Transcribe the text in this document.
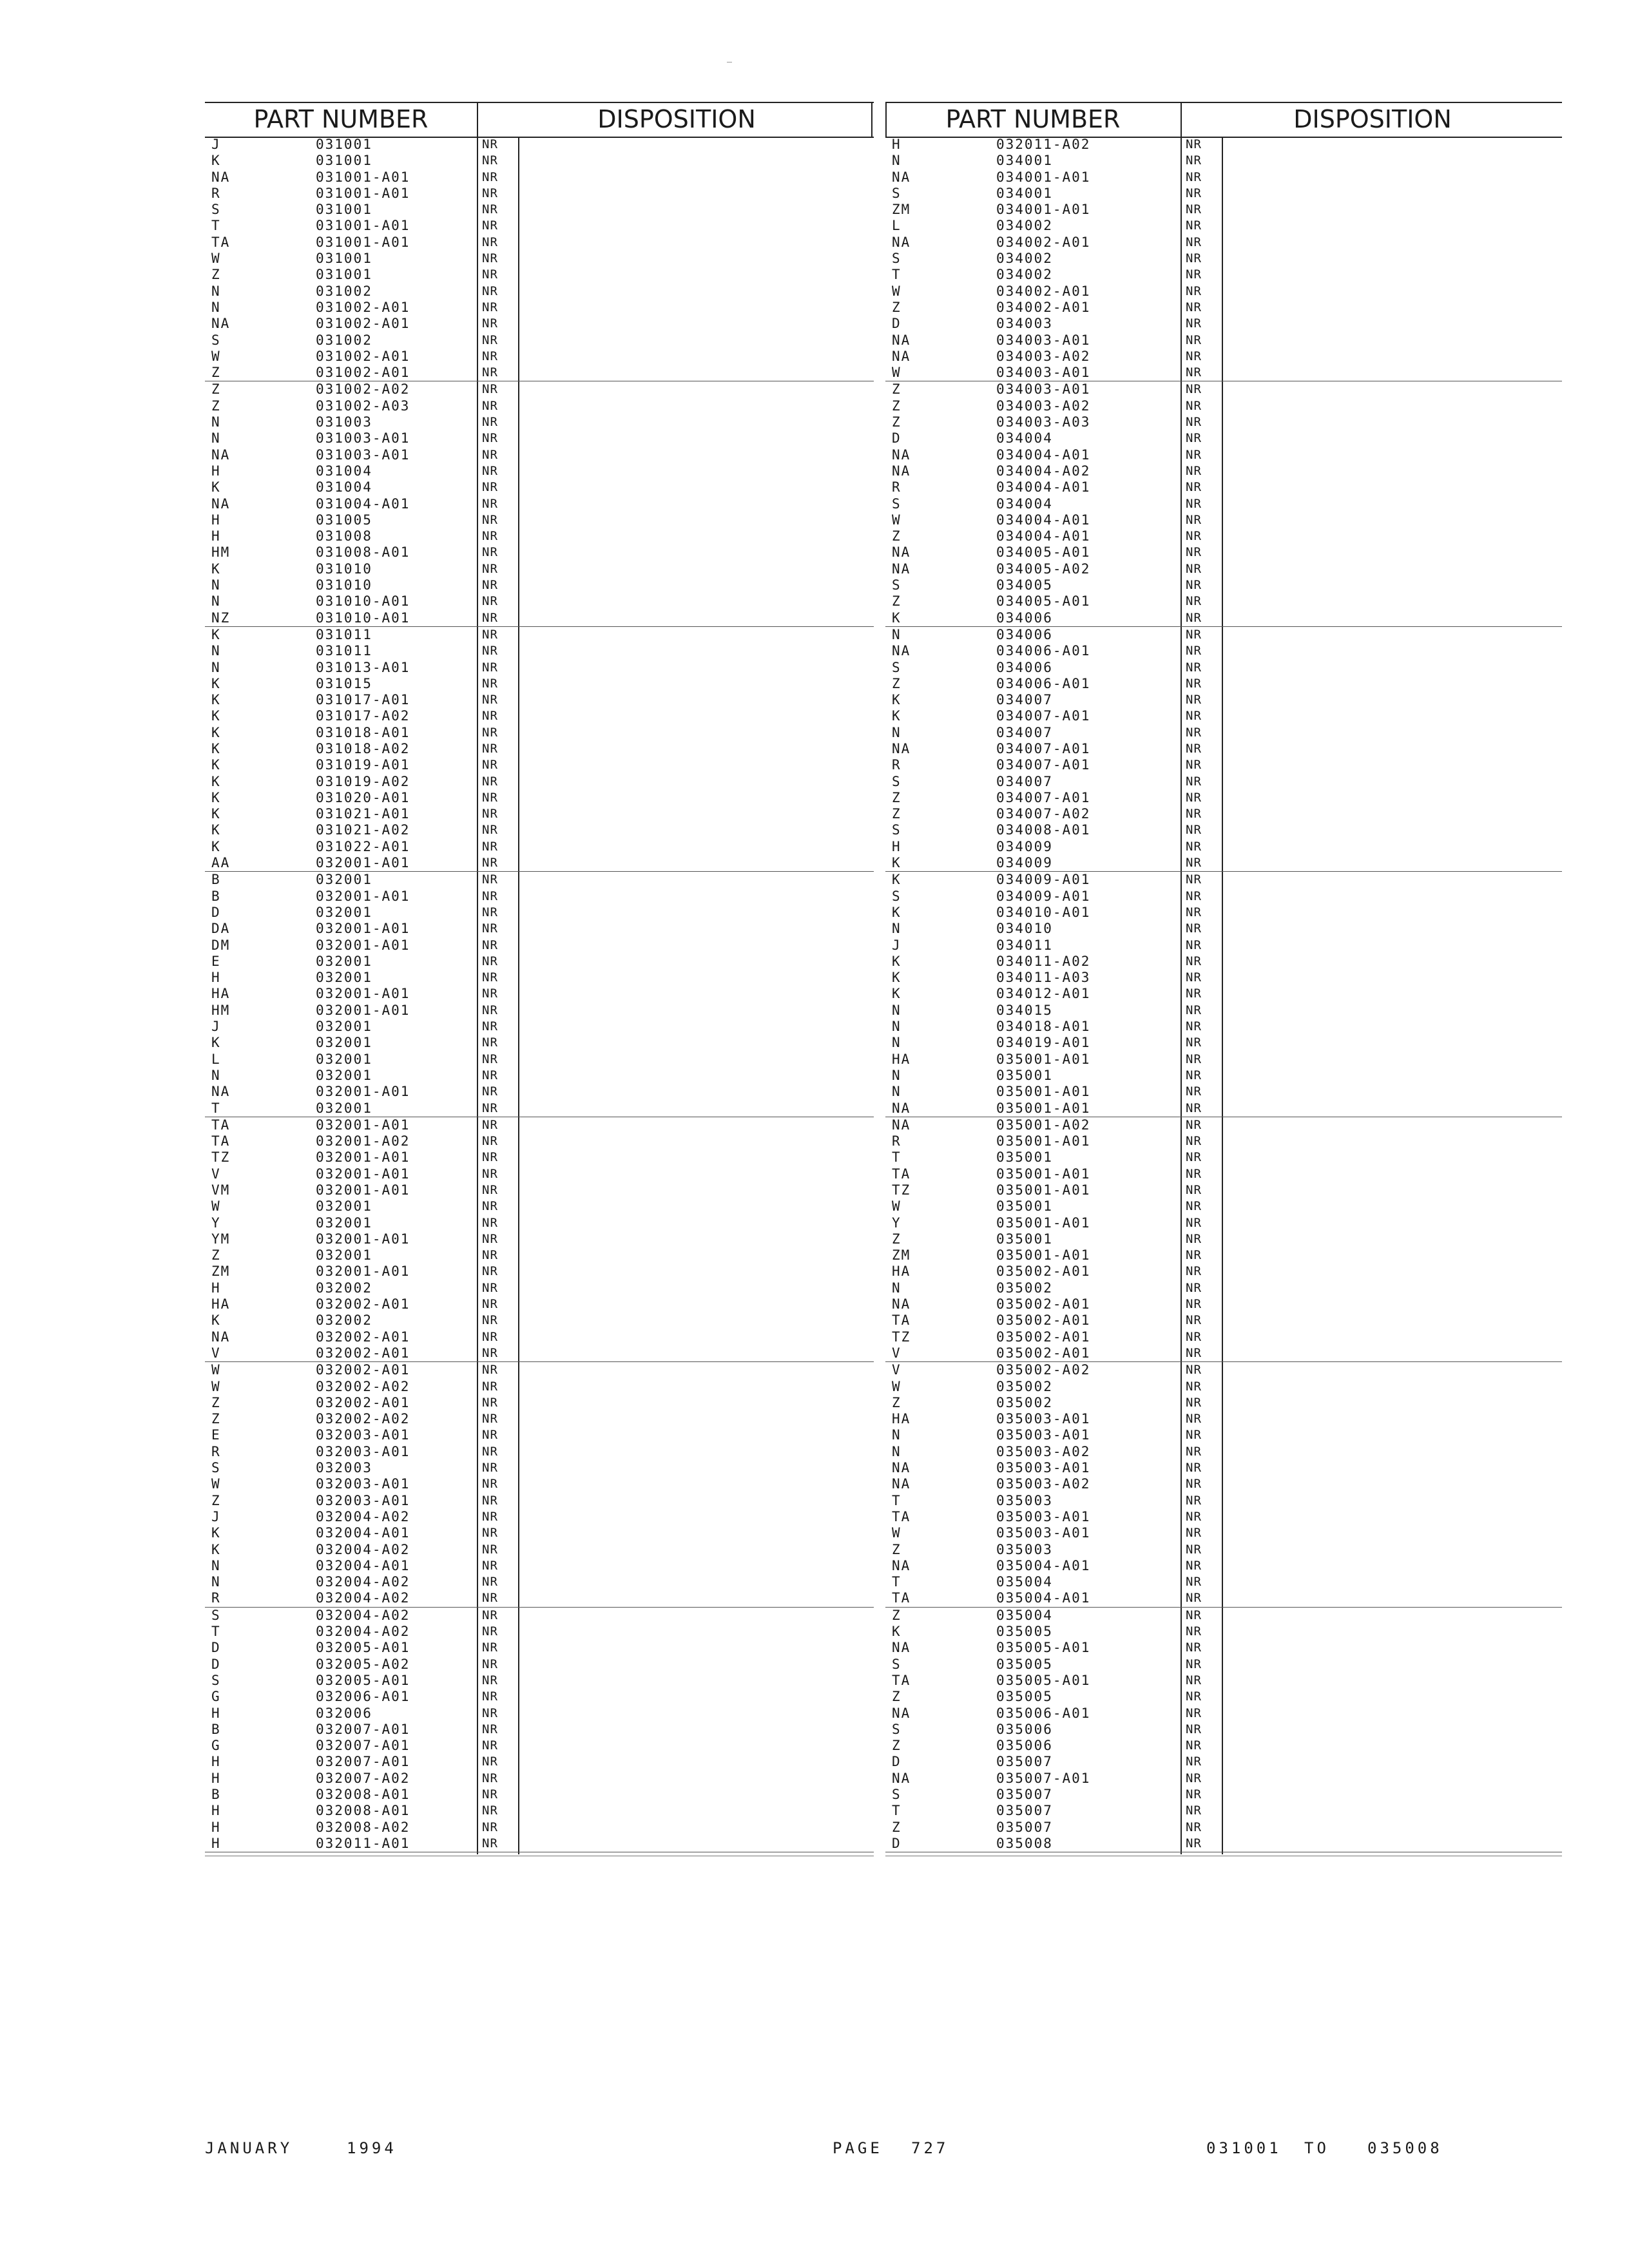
PART NUMBER	DISPOSITION
J	031001	NR
K	031001	NR
NA	031001-A01	NR
R	031001-A01	NR
S	031001	NR
T	031001-A01	NR
TA	031001-A01	NR
W	031001	NR
Z	031001	NR
N	031002	NR
N	031002-A01	NR
NA	031002-A01	NR
S	031002	NR
W	031002-A01	NR
Z	031002-A01	NR
Z	031002-A02	NR
Z	031002-A03	NR
N	031003	NR
N	031003-A01	NR
NA	031003-A01	NR
H	031004	NR
K	031004	NR
NA	031004-A01	NR
H	031005	NR
H	031008	NR
HM	031008-A01	NR
K	031010	NR
N	031010	NR
N	031010-A01	NR
NZ	031010-A01	NR
K	031011	NR
N	031011	NR
N	031013-A01	NR
K	031015	NR
K	031017-A01	NR
K	031017-A02	NR
K	031018-A01	NR
K	031018-A02	NR
K	031019-A01	NR
K	031019-A02	NR
K	031020-A01	NR
K	031021-A01	NR
K	031021-A02	NR
K	031022-A01	NR
AA	032001-A01	NR
B	032001	NR
B	032001-A01	NR
D	032001	NR
DA	032001-A01	NR
DM	032001-A01	NR
E	032001	NR
H	032001	NR
HA	032001-A01	NR
HM	032001-A01	NR
J	032001	NR
K	032001	NR
L	032001	NR
N	032001	NR
NA	032001-A01	NR
T	032001	NR
TA	032001-A01	NR
TA	032001-A02	NR
TZ	032001-A01	NR
V	032001-A01	NR
VM	032001-A01	NR
W	032001	NR
Y	032001	NR
YM	032001-A01	NR
Z	032001	NR
ZM	032001-A01	NR
H	032002	NR
HA	032002-A01	NR
K	032002	NR
NA	032002-A01	NR
V	032002-A01	NR
W	032002-A01	NR
W	032002-A02	NR
Z	032002-A01	NR
Z	032002-A02	NR
E	032003-A01	NR
R	032003-A01	NR
S	032003	NR
W	032003-A01	NR
Z	032003-A01	NR
J	032004-A02	NR
K	032004-A01	NR
K	032004-A02	NR
N	032004-A01	NR
N	032004-A02	NR
R	032004-A02	NR
S	032004-A02	NR
T	032004-A02	NR
D	032005-A01	NR
D	032005-A02	NR
S	032005-A01	NR
G	032006-A01	NR
H	032006	NR
B	032007-A01	NR
G	032007-A01	NR
H	032007-A01	NR
H	032007-A02	NR
B	032008-A01	NR
H	032008-A01	NR
H	032008-A02	NR
H	032011-A01	NR
PART NUMBER	DISPOSITION
H	032011-A02	NR
N	034001	NR
NA	034001-A01	NR
S	034001	NR
ZM	034001-A01	NR
L	034002	NR
NA	034002-A01	NR
S	034002	NR
T	034002	NR
W	034002-A01	NR
Z	034002-A01	NR
D	034003	NR
NA	034003-A01	NR
NA	034003-A02	NR
W	034003-A01	NR
Z	034003-A01	NR
Z	034003-A02	NR
Z	034003-A03	NR
D	034004	NR
NA	034004-A01	NR
NA	034004-A02	NR
R	034004-A01	NR
S	034004	NR
W	034004-A01	NR
Z	034004-A01	NR
NA	034005-A01	NR
NA	034005-A02	NR
S	034005	NR
Z	034005-A01	NR
K	034006	NR
N	034006	NR
NA	034006-A01	NR
S	034006	NR
Z	034006-A01	NR
K	034007	NR
K	034007-A01	NR
N	034007	NR
NA	034007-A01	NR
R	034007-A01	NR
S	034007	NR
Z	034007-A01	NR
Z	034007-A02	NR
S	034008-A01	NR
H	034009	NR
K	034009	NR
K	034009-A01	NR
S	034009-A01	NR
K	034010-A01	NR
N	034010	NR
J	034011	NR
K	034011-A02	NR
K	034011-A03	NR
K	034012-A01	NR
N	034015	NR
N	034018-A01	NR
N	034019-A01	NR
HA	035001-A01	NR
N	035001	NR
N	035001-A01	NR
NA	035001-A01	NR
NA	035001-A02	NR
R	035001-A01	NR
T	035001	NR
TA	035001-A01	NR
TZ	035001-A01	NR
W	035001	NR
Y	035001-A01	NR
Z	035001	NR
ZM	035001-A01	NR
HA	035002-A01	NR
N	035002	NR
NA	035002-A01	NR
TA	035002-A01	NR
TZ	035002-A01	NR
V	035002-A01	NR
V	035002-A02	NR
W	035002	NR
Z	035002	NR
HA	035003-A01	NR
N	035003-A01	NR
N	035003-A02	NR
NA	035003-A01	NR
NA	035003-A02	NR
T	035003	NR
TA	035003-A01	NR
W	035003-A01	NR
Z	035003	NR
NA	035004-A01	NR
T	035004	NR
TA	035004-A01	NR
Z	035004	NR
K	035005	NR
NA	035005-A01	NR
S	035005	NR
TA	035005-A01	NR
Z	035005	NR
NA	035006-A01	NR
S	035006	NR
Z	035006	NR
D	035007	NR
NA	035007-A01	NR
S	035007	NR
T	035007	NR
Z	035007	NR
D	035008	NR
JANUARY	1994	PAGE 727	031001 TO 035008
